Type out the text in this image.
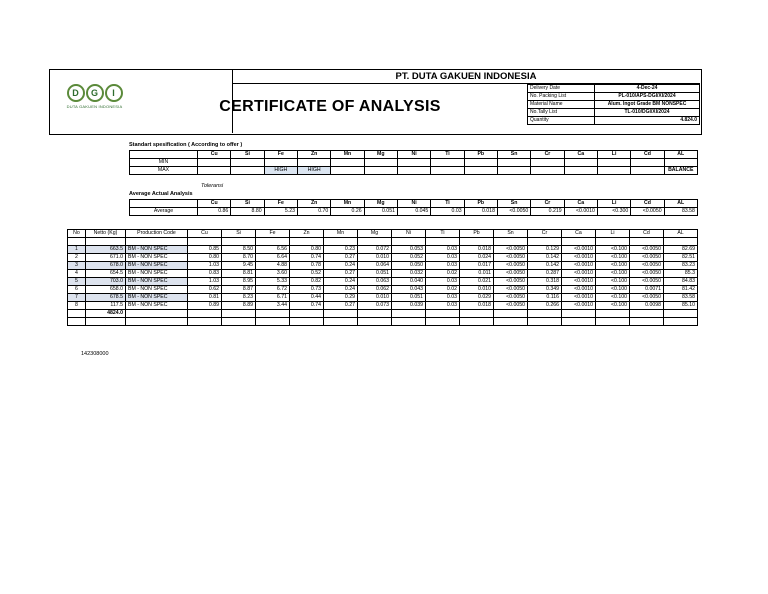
PT. DUTA GAKUEN INDONESIA
D	G	I
DUTA GAKUEN INDONESIA	CERTIFICATE OF ANALYSIS
Delivery Date	4-Dec-24
No. Packing List	PL-010/APS-DGI/XI/2024
Material Name	Alum. Ingot Grade BM NONSPEC
No.Tally List	TL-010/DGI/XI/2024
Quantity	4.824.0
Standart spesification ( According to offer )
	Cu	Si	Fe	Zn	Mn	Mg	Ni	Ti	Pb	Sn	Cr	Ca	Li	Cd	AL
MIN															
MAX			HIGH	HIGH											BALANCE
Toleransi
Average Actual Analysis
	Cu	Si	Fe	Zn	Mn	Mg	Ni	Ti	Pb	Sn	Cr	Ca	Li	Cd	AL
Average	0.86	8.80	5.23	0.70	0.26	0.051	0.045	0.03	0.018	<0.0050	0.219	<0.0010	<0.300	<0.0050	83.58
No	Netto (Kg)	Production Code	Cu	Si	Fe	Zn	Mn	Mg	Ni	Ti	Pb	Sn	Cr	Ca	Li	Cd	AL

1	663.5	BM - NON SPEC	0.85	8.50	6.56	0.80	0.23	0.072	0.053	0.03	0.018	<0.0050	0.129	<0.0010	<0.100	<0.0050	82.69
2	671.0	BM - NON SPEC	0.80	8.70	6.64	0.74	0.27	0.010	0.052	0.03	0.024	<0.0050	0.142	<0.0010	<0.100	<0.0050	82.51
3	678.0	BM - NON SPEC	1.03	9.45	4.88	0.78	0.24	0.064	0.050	0.03	0.017	<0.0050	0.142	<0.0010	<0.100	<0.0050	83.23
4	654.5	BM - NON SPEC	0.83	8.81	3.60	0.52	0.27	0.051	0.032	0.02	0.011	<0.0050	0.287	<0.0010	<0.100	<0.0050	85.3
5	703.0	BM - NON SPEC	1.03	8.95	5.33	0.82	0.24	0.063	0.040	0.03	0.021	<0.0050	0.318	<0.0010	<0.100	<0.0050	84.83
6	658.0	BM - NON SPEC	0.62	8.87	6.72	0.73	0.24	0.062	0.043	0.02	0.010	<0.0050	0.349	<0.0010	<0.100	0.0071	81.42
7	678.5	BM - NON SPEC	0.81	8.23	6.71	0.44	0.29	0.010	0.051	0.03	0.029	<0.0050	0.116	<0.0010	<0.100	<0.0050	83.58
8	117.5	BM - NON SPEC	0.89	8.89	3.44	0.74	0.27	0.073	0.039	0.03	0.018	<0.0050	0.266	<0.0010	<0.100	0.0098	85.10
	4824.0																

142308000
